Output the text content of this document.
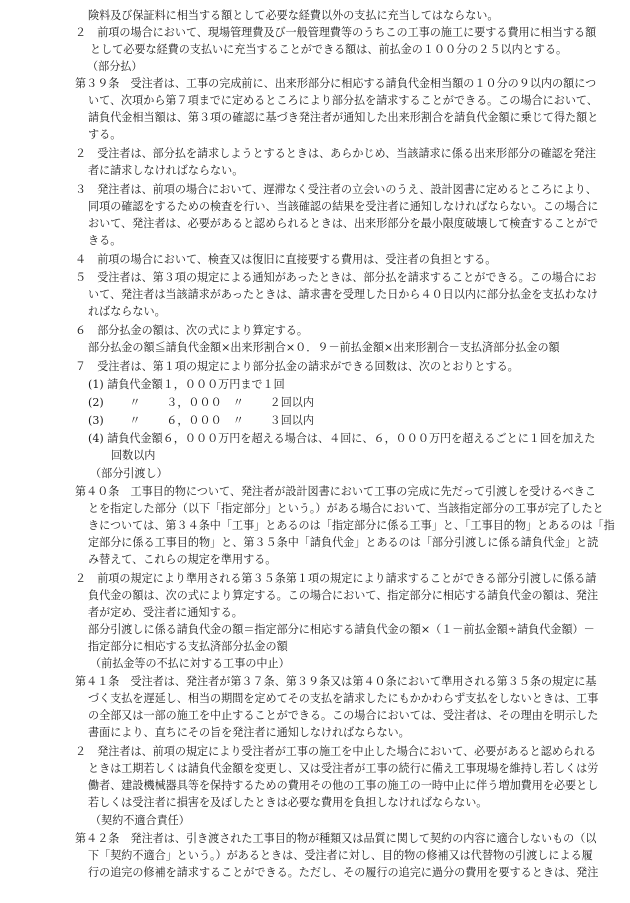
険料及び保証料に相当する額として必要な経費以外の支払に充当してはならない。
２　前項の場合において、現場管理費及び一般管理費等のうちこの工事の施工に要する費用に相当する額
として必要な経費の支払いに充当することができる額は、前払金の１００分の２５以内とする。
（部分払）
第３９条　受注者は、工事の完成前に、出来形部分に相応する請負代金相当額の１０分の９以内の額につ
いて、次項から第７項までに定めるところにより部分払を請求することができる。この場合において、
請負代金相当額は、第３項の確認に基づき発注者が通知した出来形割合を請負代金額に乗じて得た額と
する。
２　受注者は、部分払を請求しようとするときは、あらかじめ、当該請求に係る出来形部分の確認を発注
者に請求しなければならない。
３　発注者は、前項の場合において、遅滞なく受注者の立会いのうえ、設計図書に定めるところにより、
同項の確認をするための検査を行い、当該確認の結果を受注者に通知しなければならない。この場合に
おいて、発注者は、必要があると認められるときは、出来形部分を最小限度破壊して検査することがで
きる。
４　前項の場合において、検査又は復旧に直接要する費用は、受注者の負担とする。
５　受注者は、第３項の規定による通知があったときは、部分払を請求することができる。この場合にお
いて、発注者は当該請求があったときは、請求書を受理した日から４０日以内に部分払金を支払わなけ
ればならない。
６　部分払金の額は、次の式により算定する。
部分払金の額≦請負代金額×出来形割合×０．９－前払金額×出来形割合－支払済部分払金の額
７　受注者は、第１項の規定により部分払金の請求ができる回数は、次のとおりとする。
(1) 請負代金額１，０００万円まで１回
(2)　　 〃　　 ３，０００　〃　　 ２回以内
(3)　　 〃　　 ６，０００　〃　　 ３回以内
(4) 請負代金額６，０００万円を超える場合は、４回に、６，０００万円を超えるごとに１回を加えた
回数以内
（部分引渡し）
第４０条　工事目的物について、発注者が設計図書において工事の完成に先だって引渡しを受けるべきこ
とを指定した部分（以下「指定部分」という。）がある場合において、当該指定部分の工事が完了したと
きについては、第３４条中「工事」とあるのは「指定部分に係る工事」と、「工事目的物」とあるのは「指
定部分に係る工事目的物」と、第３５条中「請負代金」とあるのは「部分引渡しに係る請負代金」と読
み替えて、これらの規定を準用する。
２　前項の規定により準用される第３５条第１項の規定により請求することができる部分引渡しに係る請
負代金の額は、次の式により算定する。この場合において、指定部分に相応する請負代金の額は、発注
者が定め、受注者に通知する。
部分引渡しに係る請負代金の額＝指定部分に相応する請負代金の額×（１－前払金額÷請負代金額）－
指定部分に相応する支払済部分払金の額
（前払金等の不払に対する工事の中止）
第４１条　受注者は、発注者が第３７条、第３９条又は第４０条において準用される第３５条の規定に基
づく支払を遅延し、相当の期間を定めてその支払を請求したにもかかわらず支払をしないときは、工事
の全部又は一部の施工を中止することができる。この場合においては、受注者は、その理由を明示した
書面により、直ちにその旨を発注者に通知しなければならない。
２　発注者は、前項の規定により受注者が工事の施工を中止した場合において、必要があると認められる
ときは工期若しくは請負代金額を変更し、又は受注者が工事の続行に備え工事現場を維持し若しくは労
働者、建設機械器具等を保持するための費用その他の工事の施工の一時中止に伴う増加費用を必要とし
若しくは受注者に損害を及ぼしたときは必要な費用を負担しなければならない。
（契約不適合責任）
第４２条　発注者は、引き渡された工事目的物が種類又は品質に関して契約の内容に適合しないもの（以
下「契約不適合」という。）があるときは、受注者に対し、目的物の修補又は代替物の引渡しによる履
行の追完の修補を請求することができる。ただし、その履行の追完に過分の費用を要するときは、発注
